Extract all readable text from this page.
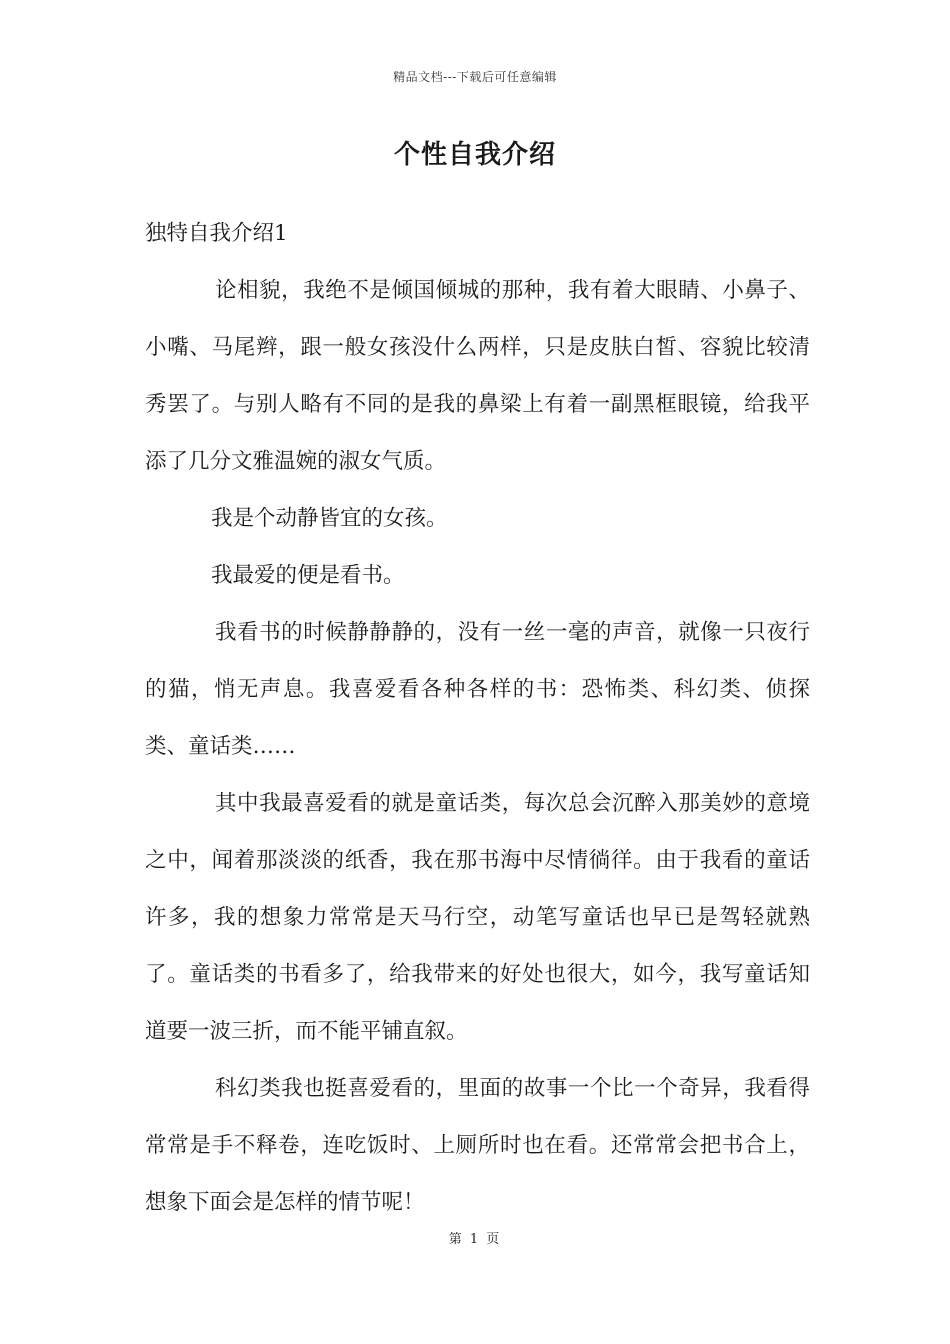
精品文档---下载后可任意编辑
个性自我介绍

独特自我介绍1

论相貌，我绝不是倾国倾城的那种，我有着大眼睛、小鼻子、小嘴、马尾辫，跟一般女孩没什么两样，只是皮肤白皙、容貌比较清秀罢了。与别人略有不同的是我的鼻梁上有着一副黑框眼镜，给我平添了几分文雅温婉的淑女气质。

我是个动静皆宜的女孩。

我最爱的便是看书。

我看书的时候静静静的，没有一丝一毫的声音，就像一只夜行的猫，悄无声息。我喜爱看各种各样的书：恐怖类、科幻类、侦探类、童话类……

其中我最喜爱看的就是童话类，每次总会沉醉入那美妙的意境之中，闻着那淡淡的纸香，我在那书海中尽情徜徉。由于我看的童话许多，我的想象力常常是天马行空，动笔写童话也早已是驾轻就熟了。童话类的书看多了，给我带来的好处也很大，如今，我写童话知道要一波三折，而不能平铺直叙。

科幻类我也挺喜爱看的，里面的故事一个比一个奇异，我看得常常是手不释卷，连吃饭时、上厕所时也在看。还常常会把书合上，想象下面会是怎样的情节呢！

第 1 页
